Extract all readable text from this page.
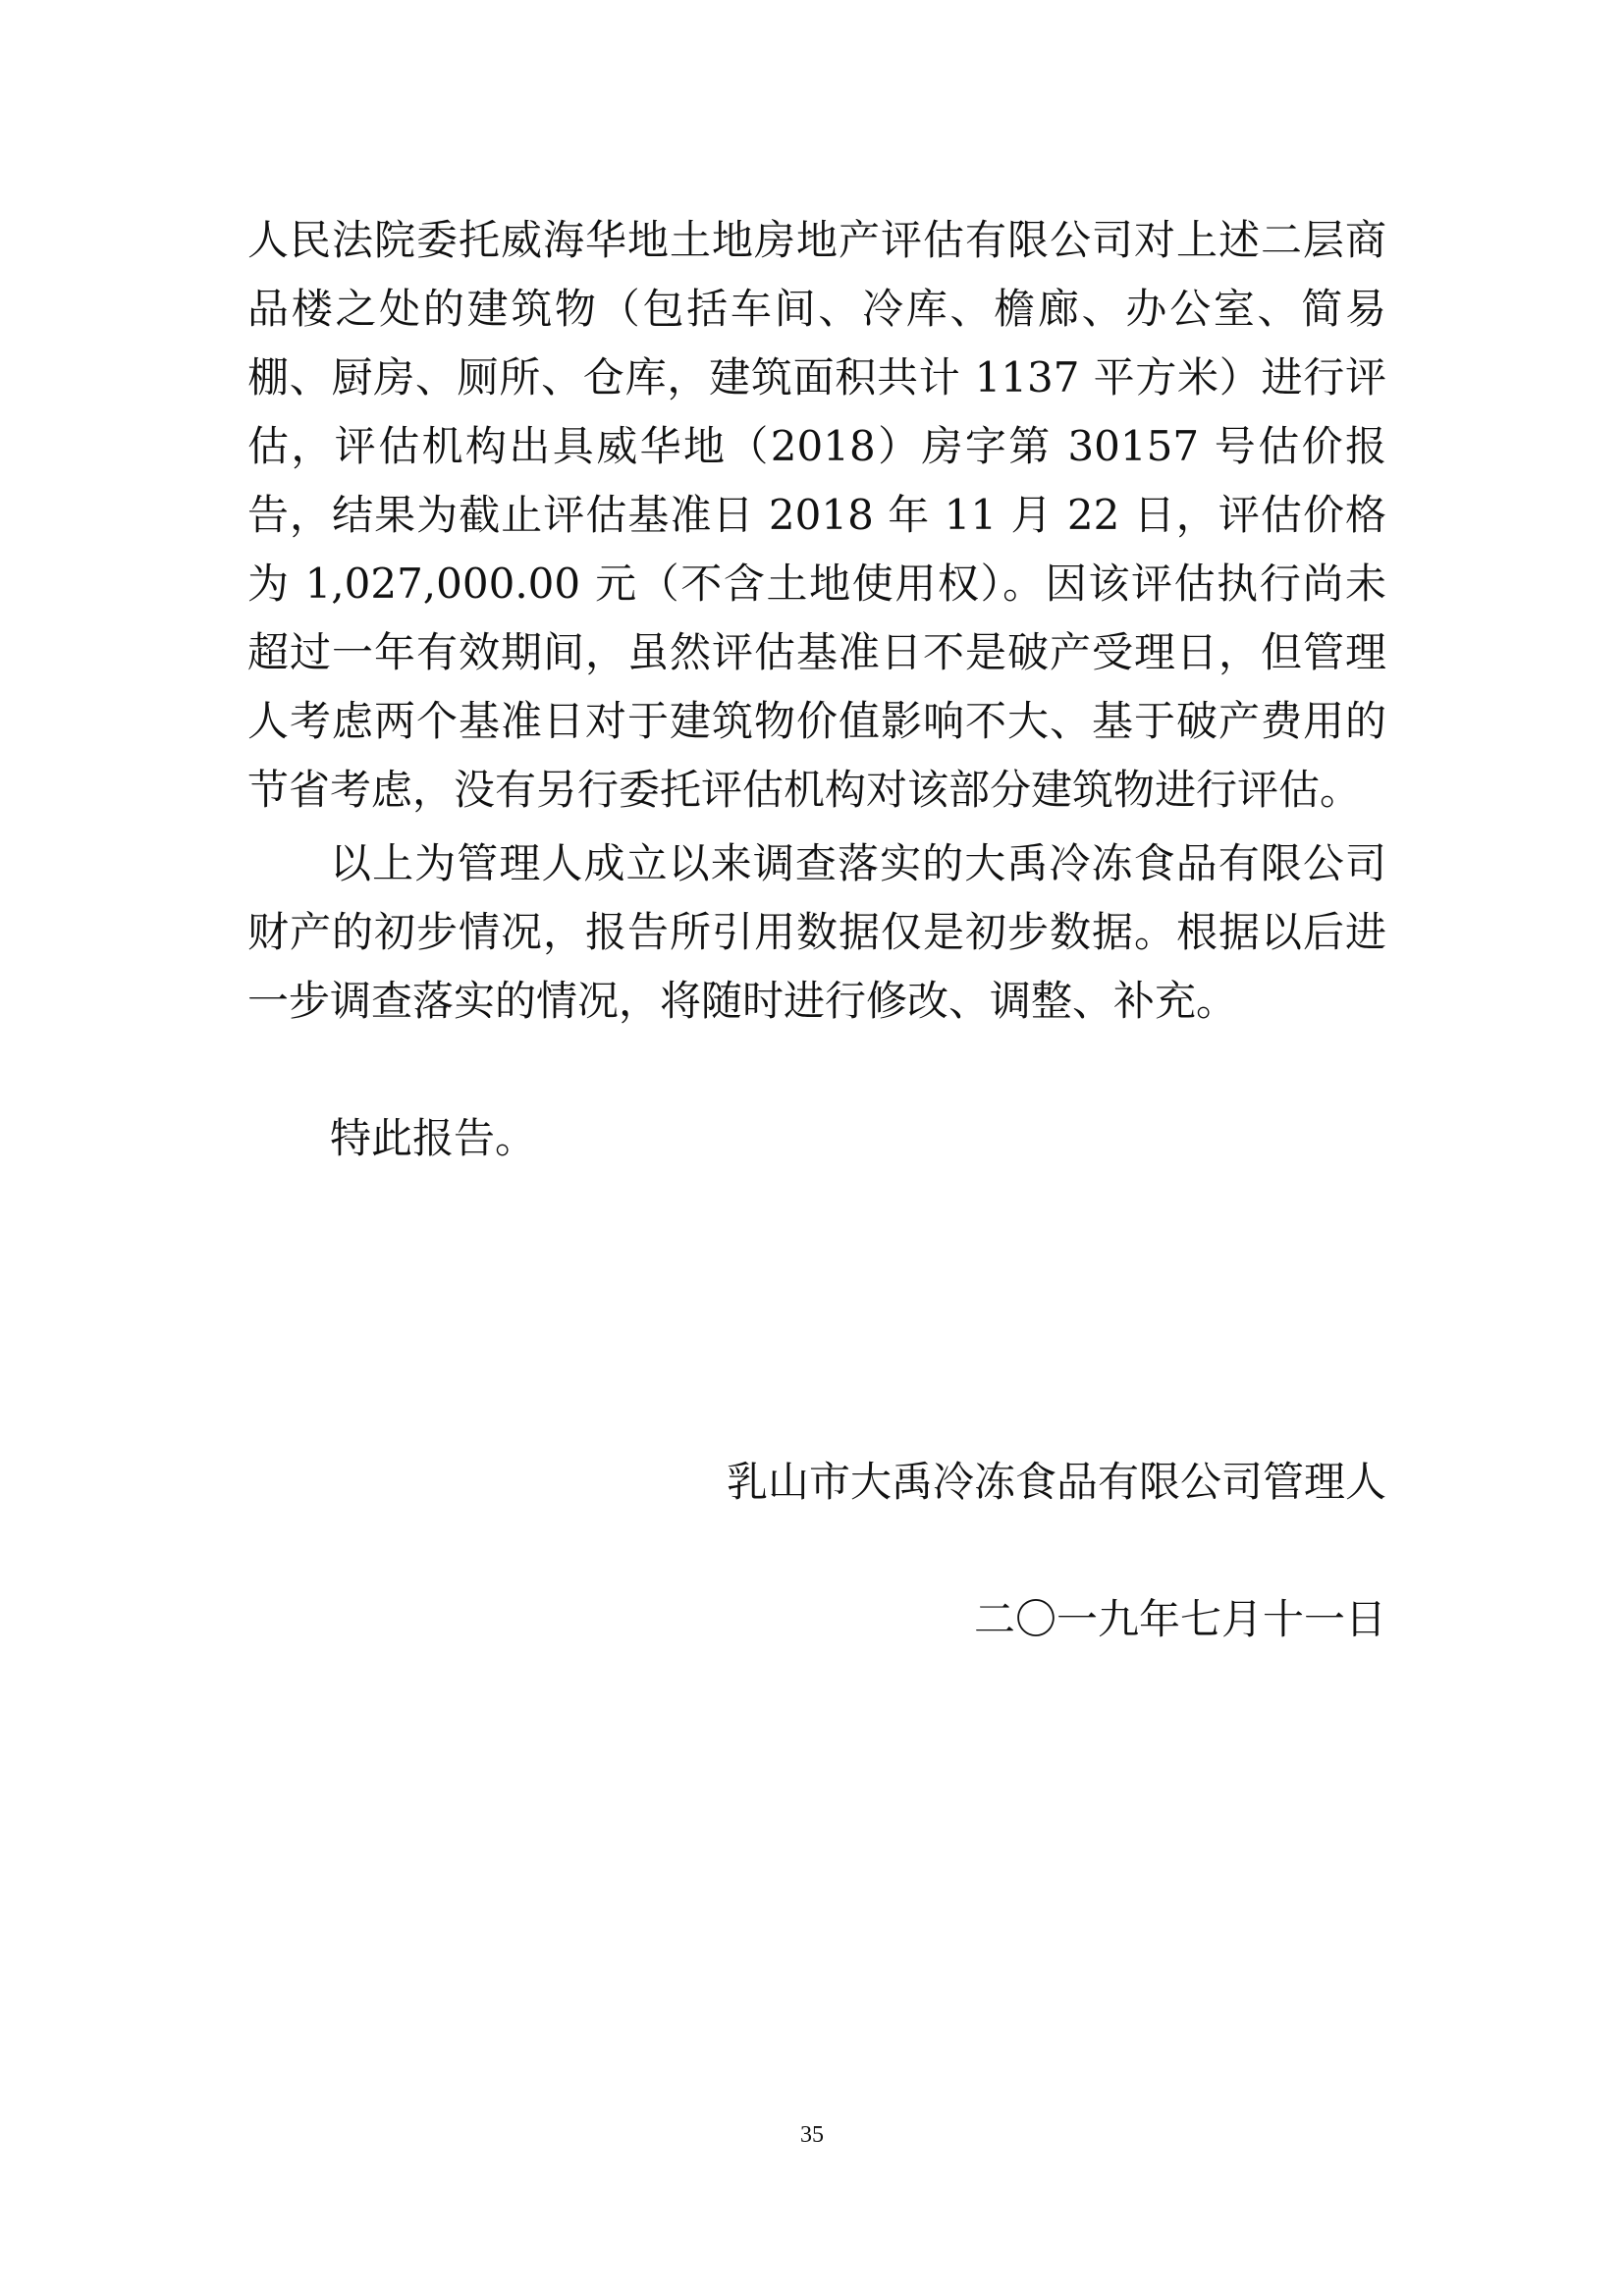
人民法院委托威海华地土地房地产评估有限公司对上述二层商品楼之处的建筑物（包括车间、冷库、檐廊、办公室、简易棚、厨房、厕所、仓库，建筑面积共计 1137 平方米）进行评估，评估机构出具威华地（2018）房字第 30157 号估价报告，结果为截止评估基准日 2018 年 11 月 22 日，评估价格为 1,027,000.00 元（不含土地使用权）。因该评估执行尚未超过一年有效期间，虽然评估基准日不是破产受理日，但管理人考虑两个基准日对于建筑物价值影响不大、基于破产费用的节省考虑，没有另行委托评估机构对该部分建筑物进行评估。

以上为管理人成立以来调查落实的大禹冷冻食品有限公司财产的初步情况，报告所引用数据仅是初步数据。根据以后进一步调查落实的情况，将随时进行修改、调整、补充。

特此报告。

乳山市大禹冷冻食品有限公司管理人

二〇一九年七月十一日

35
